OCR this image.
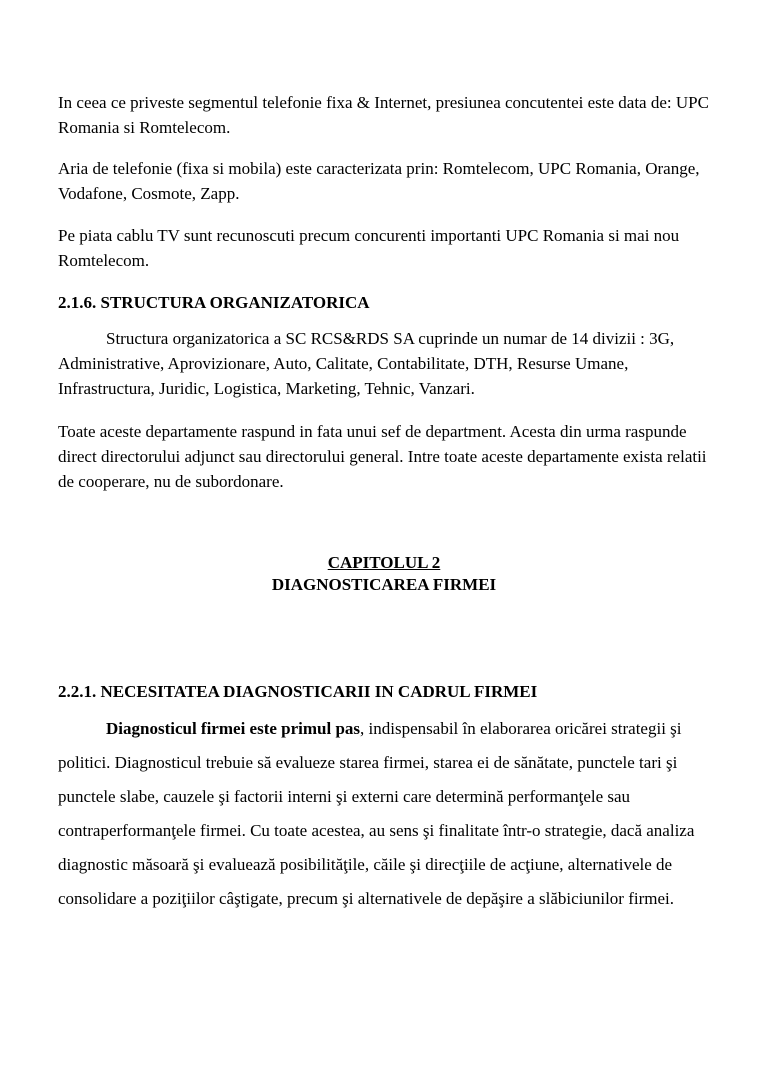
In ceea ce priveste segmentul telefonie fixa & Internet, presiunea concutentei este data de: UPC Romania si Romtelecom.

Aria de telefonie (fixa si mobila) este caracterizata prin: Romtelecom, UPC Romania, Orange, Vodafone, Cosmote, Zapp.

Pe piata cablu TV sunt recunoscuti precum concurenti importanti UPC Romania si mai nou Romtelecom.

2.1.6. STRUCTURA ORGANIZATORICA

Structura organizatorica a SC RCS&RDS SA cuprinde un numar de 14 divizii : 3G, Administrative, Aprovizionare, Auto, Calitate, Contabilitate, DTH, Resurse Umane, Infrastructura, Juridic, Logistica, Marketing, Tehnic, Vanzari.

Toate aceste departamente raspund in fata unui sef de department. Acesta din urma raspunde direct directorului adjunct sau directorului general. Intre toate aceste departamente exista relatii de cooperare, nu de subordonare.

CAPITOLUL 2
DIAGNOSTICAREA FIRMEI

2.2.1. NECESITATEA DIAGNOSTICARII IN CADRUL FIRMEI

Diagnosticul firmei este primul pas, indispensabil în elaborarea oricărei strategii şi politici. Diagnosticul trebuie să evalueze starea firmei, starea ei de sănătate, punctele tari şi punctele slabe, cauzele şi factorii interni şi externi care determină performanţele sau contraperformanţele firmei. Cu toate acestea, au sens şi finalitate într-o strategie, dacă analiza diagnostic măsoară şi evaluează posibilităţile, căile şi direcţiile de acţiune, alternativele de consolidare a poziţiilor câştigate, precum şi alternativele de depăşire a slăbiciunilor firmei.
